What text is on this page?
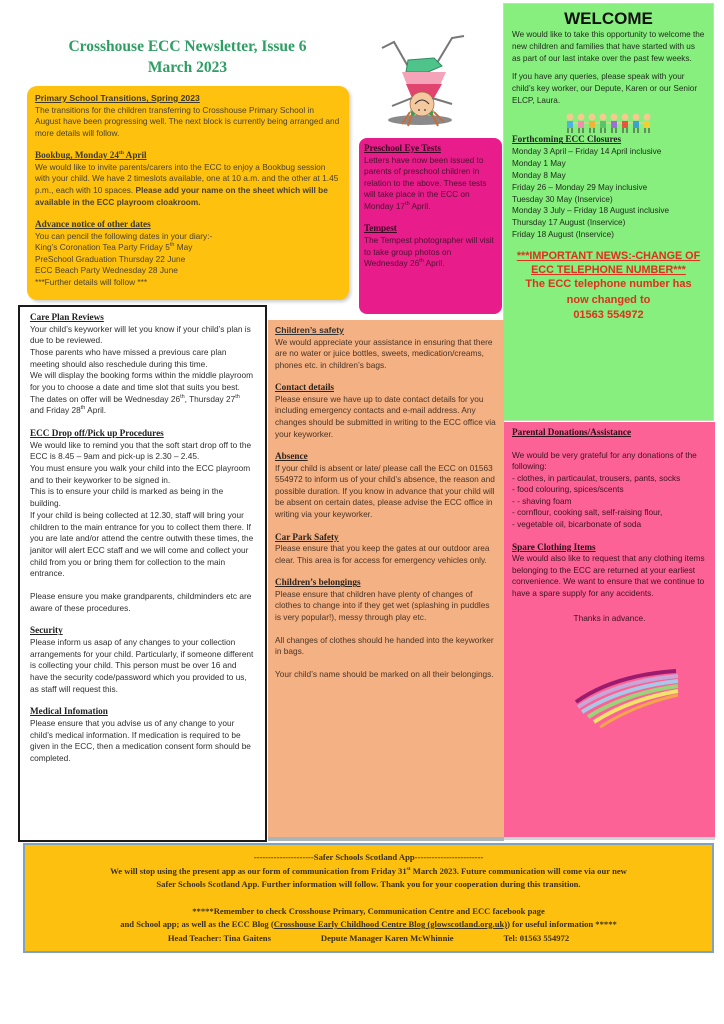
Crosshouse ECC Newsletter, Issue 6
March 2023
Primary School Transitions, Spring 2023
The transitions for the children transferring to Crosshouse Primary School in August have been progressing well. The next block is currently being arranged and more details will follow.
Bookbug, Monday 24th April
We would like to invite parents/carers into the ECC to enjoy a Bookbug session with your child. We have 2 timeslots available, one at 10 a.m. and the other at 1.45 p.m., each with 10 spaces. Please add your name on the sheet which will be available in the ECC playroom cloakroom.
Advance notice of other dates
You can pencil the following dates in your diary:-
King’s Coronation Tea Party Friday 5th May
PreSchool Graduation Thursday 22 June
ECC Beach Party Wednesday 28 June
***Further details will follow ***
Preschool Eye Tests
Letters have now been issued to parents of preschool children in relation to the above. These tests will take place in the ECC on Monday 17th April.
Tempest
The Tempest photographer will visit to take group photos on Wednesday 26th April.
WELCOME
We would like to take this opportunity to welcome the new children and families that have started with us as part of our last intake over the past few weeks.
If you have any queries, please speak with your child’s key worker, our Depute, Karen or our Senior ELCP, Laura.
Forthcoming ECC Closures
Monday 3 April – Friday 14 April inclusive
Monday 1 May
Monday 8 May
Friday 26 – Monday 29 May inclusive
Tuesday 30 May (Inservice)
Monday 3 July – Friday 18 August inclusive
Thursday 17 August (Inservice)
Friday 18 August (Inservice)
***IMPORTANT NEWS:-CHANGE OF ECC TELEPHONE NUMBER***
The ECC telephone number has
now changed to
01563 554972
Care Plan Reviews
Your child’s keyworker will let you know if your child’s plan is due to be reviewed.
Those parents who have missed a previous care plan meeting should also reschedule during this time.
We will display the booking forms within the middle playroom for you to choose a date and time slot that suits you best. The dates on offer will be Wednesday 26th, Thursday 27th and Friday 28th April.
ECC Drop off/Pick up Procedures
We would like to remind you that the soft start drop off to the ECC is 8.45 – 9am and pick-up is 2.30 – 2.45.
You must ensure you walk your child into the ECC playroom and to their keyworker to be signed in.
This is to ensure your child is marked as being in the building.
If your child is being collected at 12.30, staff will bring your children to the main entrance for you to collect them there. If you are late and/or attend the centre outwith these times, the janitor will alert ECC staff and we will come and collect your child from you or bring them for collection to the main entrance.
Please ensure you make grandparents, childminders etc are aware of these procedures.
Security
Please inform us asap of any changes to your collection arrangements for your child. Particularly, if someone different is collecting your child. This person must be over 16 and have the security code/password which you provided to us, as staff will request this.
Medical Infomation
Please ensure that you advise us of any change to your child’s medical information. If medication is required to be given in the ECC, then a medication consent form should be completed.
Children’s safety
We would appreciate your assistance in ensuring that there are no water or juice bottles, sweets, medication/creams, phones etc. in children’s bags.
Contact details
Please ensure we have up to date contact details for you including emergency contacts and e-mail address. Any changes should be submitted in writing to the ECC office via your keyworker.
Absence
If your child is absent or late/ please call the ECC on 01563 554972 to inform us of your child’s absence, the reason and possible duration. If you know in advance that your child will be absent on certain dates, please advise the ECC office in writing via your keyworker.
Car Park Safety
Please ensure that you keep the gates at our outdoor area clear. This area is for access for emergency vehicles only.
Children’s belongings
Please ensure that children have plenty of changes of clothes to change into if they get wet (splashing in puddles is very popular!), messy through play etc.
All changes of clothes should he handed into the keyworker in bags.
Your child’s name should be marked on all their belongings.
Parental Donations/Assistance
We would be very grateful for any donations of the following:
- clothes, in particaulat, trousers, pants, socks
- food colouring, spices/scents
- - shaving foam
- cornflour, cooking salt, self-raising flour,
- vegetable oil, bicarbonate of soda
Spare Clothing Items
We would also like to request that any clothing items belonging to the ECC are returned at your earliest convenience. We want to ensure that we continue to have a spare supply for any accidents.
Thanks in advance.
---------------------Safer Schools Scotland App------------------------
We will stop using the present app as our form of communication from Friday 31st March 2023. Future communication will come via our new
Safer Schools Scotland App. Further information will follow. Thank you for your cooperation during this transition.
*****Remember to check Crosshouse Primary, Communication Centre and ECC facebook page
and School app; as well as the ECC Blog (Crosshouse Early Childhood Centre Blog (glowscotland.org.uk)) for useful information *****
Head Teacher: Tina Gaitens	Depute Manager Karen McWhinnie	Tel: 01563 554972
